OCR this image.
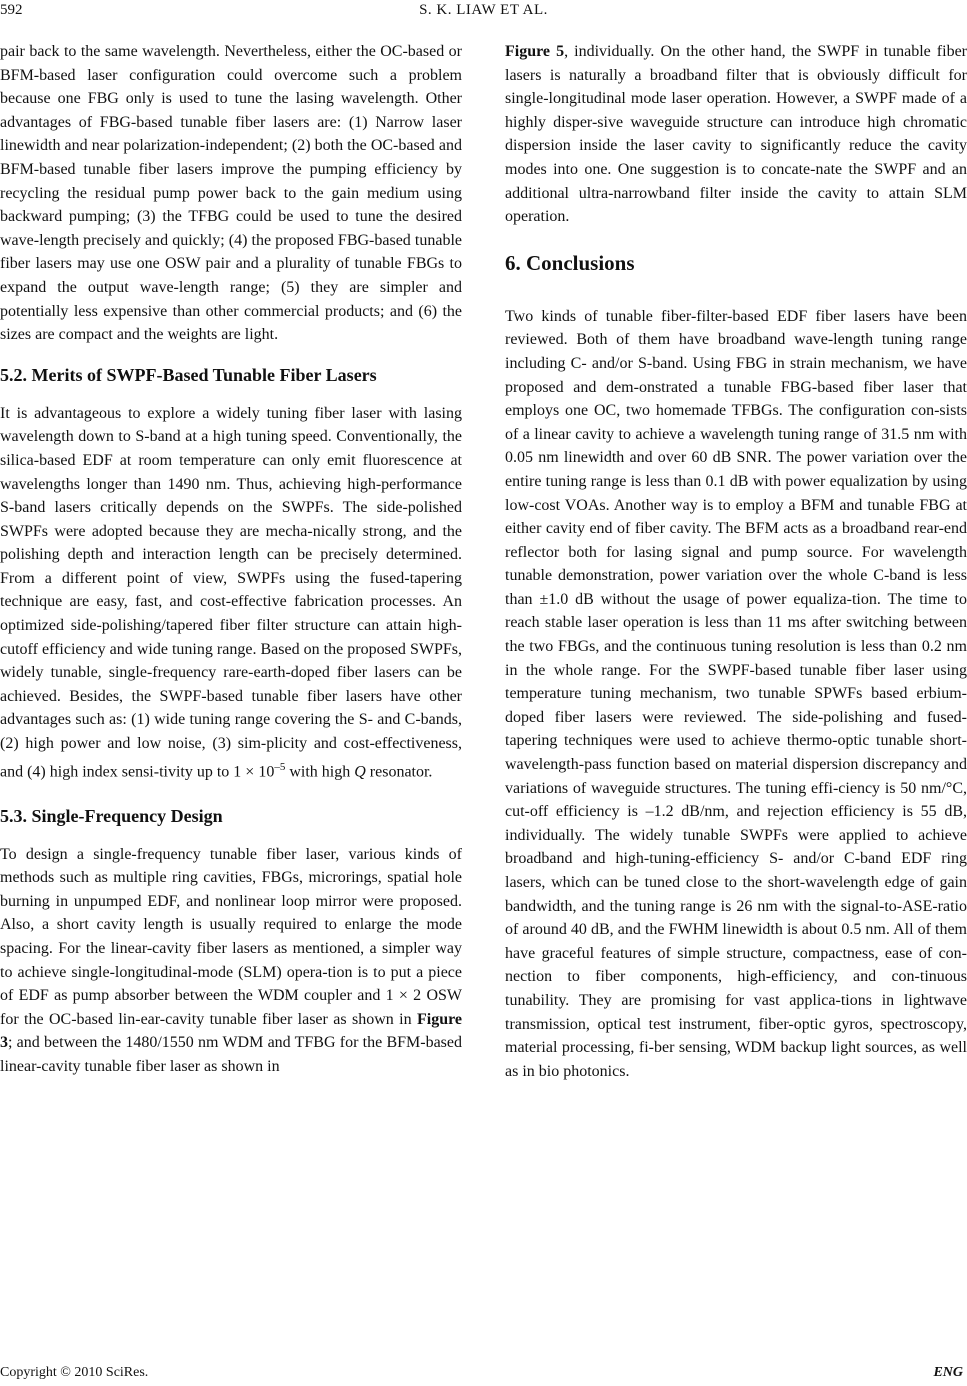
592	S. K. LIAW ET AL.

pair back to the same wavelength. Nevertheless, either the OC-based or BFM-based laser configuration could overcome such a problem because one FBG only is used to tune the lasing wavelength. Other advantages of FBG-based tunable fiber lasers are: (1) Narrow laser linewidth and near polarization-independent; (2) both the OC-based and BFM-based tunable fiber lasers improve the pumping efficiency by recycling the residual pump power back to the gain medium using backward pumping; (3) the TFBG could be used to tune the desired wave-length precisely and quickly; (4) the proposed FBG-based tunable fiber lasers may use one OSW pair and a plurality of tunable FBGs to expand the output wave-length range; (5) they are simpler and potentially less expensive than other commercial products; and (6) the sizes are compact and the weights are light.

5.2. Merits of SWPF-Based Tunable Fiber Lasers

It is advantageous to explore a widely tuning fiber laser with lasing wavelength down to S-band at a high tuning speed. Conventionally, the silica-based EDF at room temperature can only emit fluorescence at wavelengths longer than 1490 nm. Thus, achieving high-performance S-band lasers critically depends on the SWPFs. The side-polished SWPFs were adopted because they are mecha-nically strong, and the polishing depth and interaction length can be precisely determined. From a different point of view, SWPFs using the fused-tapering technique are easy, fast, and cost-effective fabrication processes. An optimized side-polishing/tapered fiber filter structure can attain high-cutoff efficiency and wide tuning range. Based on the proposed SWPFs, widely tunable, single-frequency rare-earth-doped fiber lasers can be achieved. Besides, the SWPF-based tunable fiber lasers have other advantages such as: (1) wide tuning range covering the S- and C-bands, (2) high power and low noise, (3) sim-plicity and cost-effectiveness, and (4) high index sensi-tivity up to $1 \times 10^{-5}$ with high Q resonator.

5.3. Single-Frequency Design

To design a single-frequency tunable fiber laser, various kinds of methods such as multiple ring cavities, FBGs, microrings, spatial hole burning in unpumped EDF, and nonlinear loop mirror were proposed. Also, a short cavity length is usually required to enlarge the mode spacing. For the linear-cavity fiber lasers as mentioned, a simpler way to achieve single-longitudinal-mode (SLM) opera-tion is to put a piece of EDF as pump absorber between the WDM coupler and 1 × 2 OSW for the OC-based lin-ear-cavity tunable fiber laser as shown in Figure 3; and between the 1480/1550 nm WDM and TFBG for the BFM-based linear-cavity tunable fiber laser as shown in

Figure 5, individually. On the other hand, the SWPF in tunable fiber lasers is naturally a broadband filter that is obviously difficult for single-longitudinal mode laser operation. However, a SWPF made of a highly disper-sive waveguide structure can introduce high chromatic dispersion inside the laser cavity to significantly reduce the cavity modes into one. One suggestion is to concate-nate the SWPF and an additional ultra-narrowband filter inside the cavity to attain SLM operation.

6. Conclusions

Two kinds of tunable fiber-filter-based EDF fiber lasers have been reviewed. Both of them have broadband wave-length tuning range including C- and/or S-band. Using FBG in strain mechanism, we have proposed and dem-onstrated a tunable FBG-based fiber laser that employs one OC, two homemade TFBGs. The configuration con-sists of a linear cavity to achieve a wavelength tuning range of 31.5 nm with 0.05 nm linewidth and over 60 dB SNR. The power variation over the entire tuning range is less than 0.1 dB with power equalization by using low-cost VOAs. Another way is to employ a BFM and tunable FBG at either cavity end of fiber cavity. The BFM acts as a broadband rear-end reflector both for lasing signal and pump source. For wavelength tunable demonstration, power variation over the whole C-band is less than ±1.0 dB without the usage of power equaliza-tion. The time to reach stable laser operation is less than 11 ms after switching between the two FBGs, and the continuous tuning resolution is less than 0.2 nm in the whole range. For the SWPF-based tunable fiber laser using temperature tuning mechanism, two tunable SPWFs based erbium-doped fiber lasers were reviewed. The side-polishing and fused-tapering techniques were used to achieve thermo-optic tunable short-wavelength-pass function based on material dispersion discrepancy and variations of waveguide structures. The tuning effi-ciency is 50 nm/°C, cut-off efficiency is –1.2 dB/nm, and rejection efficiency is 55 dB, individually. The widely tunable SWPFs were applied to achieve broadband and high-tuning-efficiency S- and/or C-band EDF ring lasers, which can be tuned close to the short-wavelength edge of gain bandwidth, and the tuning range is 26 nm with the signal-to-ASE-ratio of around 40 dB, and the FWHM linewidth is about 0.5 nm. All of them have graceful features of simple structure, compactness, ease of con-nection to fiber components, high-efficiency, and con-tinuous tunability. They are promising for vast applica-tions in lightwave transmission, optical test instrument, fiber-optic gyros, spectroscopy, material processing, fi-ber sensing, WDM backup light sources, as well as in bio photonics.

Copyright © 2010 SciRes.	ENG
